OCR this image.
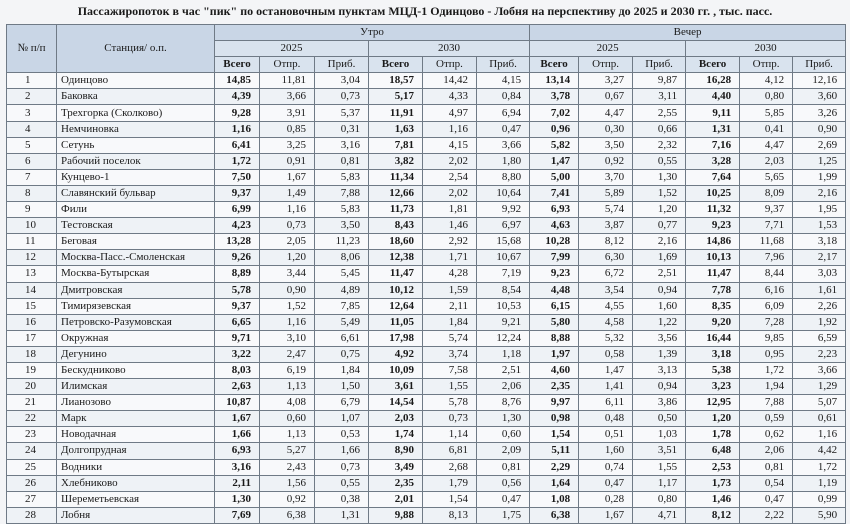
Пассажиропоток в час "пик" по остановочным пунктам МЦД-1 Одинцово - Лобня на перспективу до 2025 и 2030 гг. , тыс. пасс.
№ п/п	Станция/ о.п.	Утро						Вечер					
		2025			2030			2025			2030		
		Всего	Отпр.	Приб.	Всего	Отпр.	Приб.	Всего	Отпр.	Приб.	Всего	Отпр.	Приб.
1	Одинцово	14,85	11,81	3,04	18,57	14,42	4,15	13,14	3,27	9,87	16,28	4,12	12,16
2	Баковка	4,39	3,66	0,73	5,17	4,33	0,84	3,78	0,67	3,11	4,40	0,80	3,60
3	Трехгорка (Сколково)	9,28	3,91	5,37	11,91	4,97	6,94	7,02	4,47	2,55	9,11	5,85	3,26
4	Немчиновка	1,16	0,85	0,31	1,63	1,16	0,47	0,96	0,30	0,66	1,31	0,41	0,90
5	Сетунь	6,41	3,25	3,16	7,81	4,15	3,66	5,82	3,50	2,32	7,16	4,47	2,69
6	Рабочий поселок	1,72	0,91	0,81	3,82	2,02	1,80	1,47	0,92	0,55	3,28	2,03	1,25
7	Кунцево-1	7,50	1,67	5,83	11,34	2,54	8,80	5,00	3,70	1,30	7,64	5,65	1,99
8	Славянский бульвар	9,37	1,49	7,88	12,66	2,02	10,64	7,41	5,89	1,52	10,25	8,09	2,16
9	Фили	6,99	1,16	5,83	11,73	1,81	9,92	6,93	5,74	1,20	11,32	9,37	1,95
10	Тестовская	4,23	0,73	3,50	8,43	1,46	6,97	4,63	3,87	0,77	9,23	7,71	1,53
11	Беговая	13,28	2,05	11,23	18,60	2,92	15,68	10,28	8,12	2,16	14,86	11,68	3,18
12	Москва-Пасс.-Смоленская	9,26	1,20	8,06	12,38	1,71	10,67	7,99	6,30	1,69	10,13	7,96	2,17
13	Москва-Бутырская	8,89	3,44	5,45	11,47	4,28	7,19	9,23	6,72	2,51	11,47	8,44	3,03
14	Дмитровская	5,78	0,90	4,89	10,12	1,59	8,54	4,48	3,54	0,94	7,78	6,16	1,61
15	Тимирязевская	9,37	1,52	7,85	12,64	2,11	10,53	6,15	4,55	1,60	8,35	6,09	2,26
16	Петровско-Разумовская	6,65	1,16	5,49	11,05	1,84	9,21	5,80	4,58	1,22	9,20	7,28	1,92
17	Окружная	9,71	3,10	6,61	17,98	5,74	12,24	8,88	5,32	3,56	16,44	9,85	6,59
18	Дегунино	3,22	2,47	0,75	4,92	3,74	1,18	1,97	0,58	1,39	3,18	0,95	2,23
19	Бескудниково	8,03	6,19	1,84	10,09	7,58	2,51	4,60	1,47	3,13	5,38	1,72	3,66
20	Илимская	2,63	1,13	1,50	3,61	1,55	2,06	2,35	1,41	0,94	3,23	1,94	1,29
21	Лианозово	10,87	4,08	6,79	14,54	5,78	8,76	9,97	6,11	3,86	12,95	7,88	5,07
22	Марк	1,67	0,60	1,07	2,03	0,73	1,30	0,98	0,48	0,50	1,20	0,59	0,61
23	Новодачная	1,66	1,13	0,53	1,74	1,14	0,60	1,54	0,51	1,03	1,78	0,62	1,16
24	Долгопрудная	6,93	5,27	1,66	8,90	6,81	2,09	5,11	1,60	3,51	6,48	2,06	4,42
25	Водники	3,16	2,43	0,73	3,49	2,68	0,81	2,29	0,74	1,55	2,53	0,81	1,72
26	Хлебниково	2,11	1,56	0,55	2,35	1,79	0,56	1,64	0,47	1,17	1,73	0,54	1,19
27	Шереметьевская	1,30	0,92	0,38	2,01	1,54	0,47	1,08	0,28	0,80	1,46	0,47	0,99
28	Лобня	7,69	6,38	1,31	9,88	8,13	1,75	6,38	1,67	4,71	8,12	2,22	5,90
